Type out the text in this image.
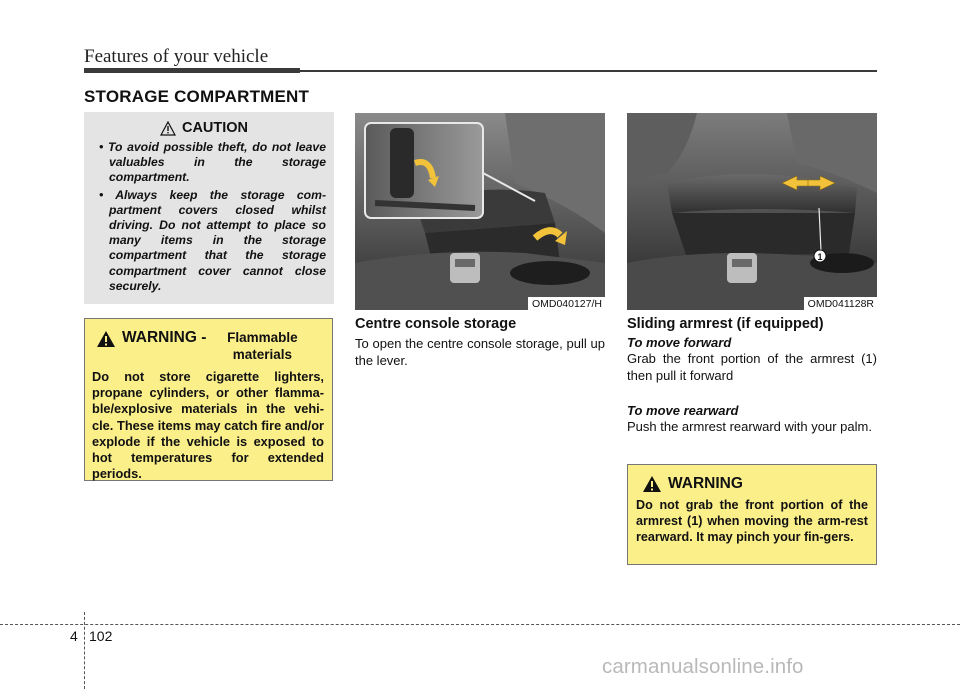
Features of your vehicle
STORAGE COMPARTMENT
CAUTION
• To avoid possible theft, do not leave valuables in the storage compartment.
• Always keep the storage com-partment covers closed whilst driving. Do not attempt to place so many items in the storage compartment that the storage compartment cover cannot close securely.
WARNING -	Flammable materials
Do not store cigarette lighters, propane cylinders, or other flamma-ble/explosive materials in the vehi-cle. These items may catch fire and/or explode if the vehicle is exposed to hot temperatures for extended periods.
OMD040127/H
Centre console storage
To open the centre console storage, pull up the lever.
1
OMD041128R
Sliding armrest (if equipped)
To move forward
Grab the front portion of the armrest (1) then pull it forward
To move rearward
Push the armrest rearward with your palm.
WARNING
Do not grab the front portion of the armrest (1) when moving the arm-rest rearward. It may pinch your fin-gers.
4 102
carmanualsonline.info
